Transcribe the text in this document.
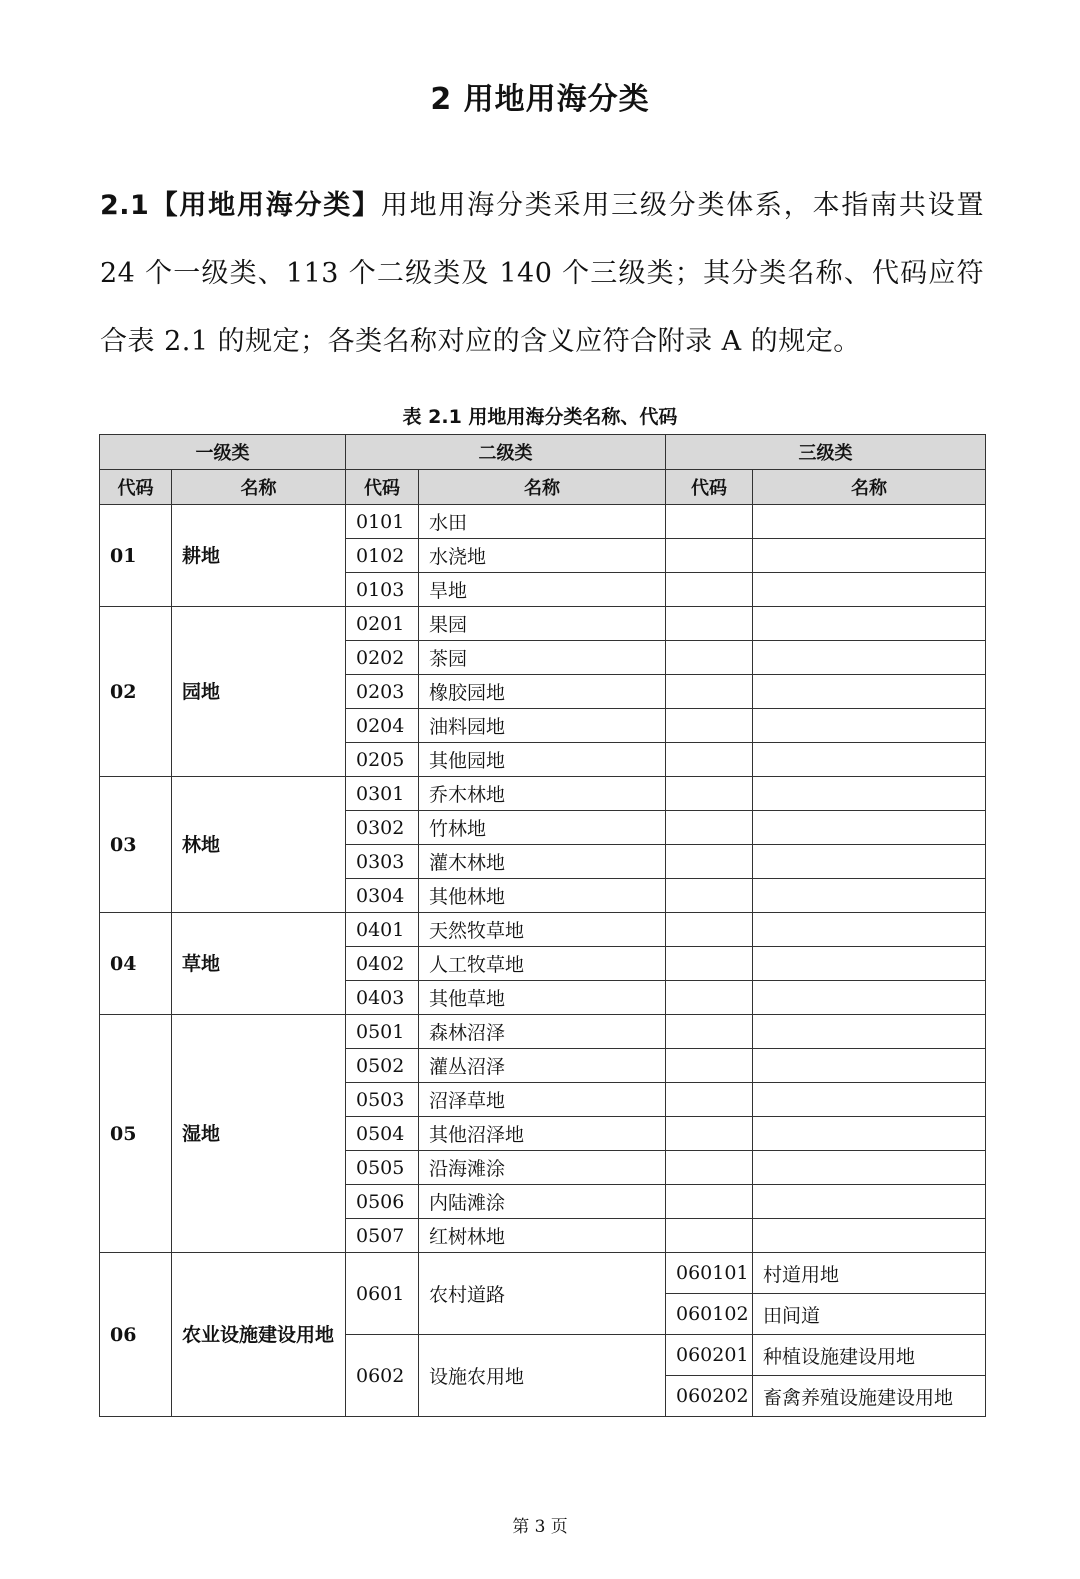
2 用地用海分类
2.1【用地用海分类】用地用海分类采用三级分类体系，本指南共设置 24 个一级类、113 个二级类及 140 个三级类；其分类名称、代码应符合表 2.1 的规定；各类名称对应的含义应符合附录 A 的规定。
表 2.1 用地用海分类名称、代码
一级类		二级类		三级类	
代码	名称	代码	名称	代码	名称
01	耕地	0101	水田		
		0102	水浇地		
		0103	旱地		
02	园地	0201	果园		
		0202	茶园		
		0203	橡胶园地		
		0204	油料园地		
		0205	其他园地		
03	林地	0301	乔木林地		
		0302	竹林地		
		0303	灌木林地		
		0304	其他林地		
04	草地	0401	天然牧草地		
		0402	人工牧草地		
		0403	其他草地		
05	湿地	0501	森林沼泽		
		0502	灌丛沼泽		
		0503	沼泽草地		
		0504	其他沼泽地		
		0505	沿海滩涂		
		0506	内陆滩涂		
		0507	红树林地		
06	农业设施建设用地	0601	农村道路	060101	村道用地
				060102	田间道
		0602	设施农用地	060201	种植设施建设用地
				060202	畜禽养殖设施建设用地
第 3 页
